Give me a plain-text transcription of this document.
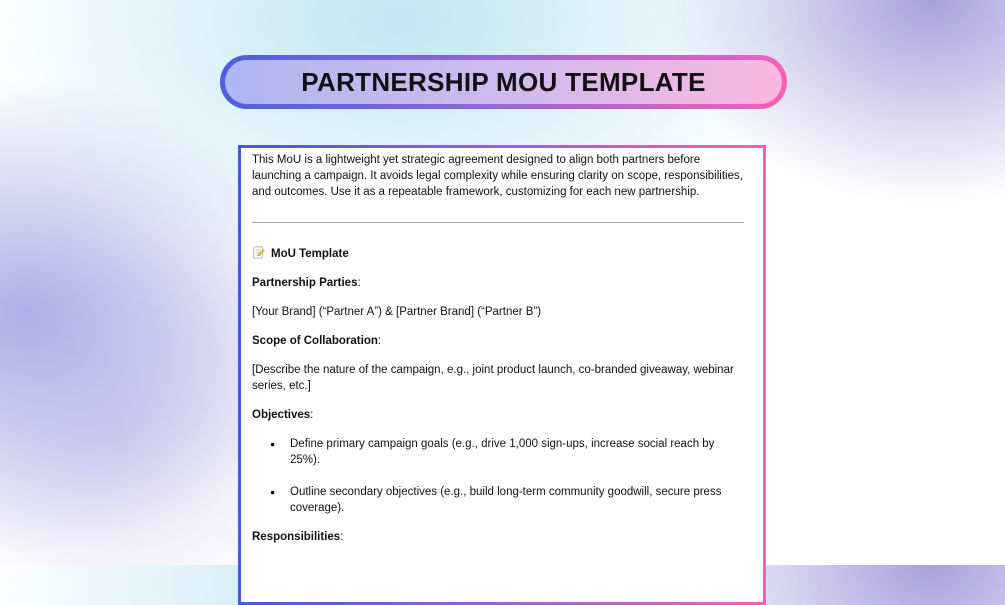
PARTNERSHIP MOU TEMPLATE

This MoU is a lightweight yet strategic agreement designed to align both partners before launching a campaign. It avoids legal complexity while ensuring clarity on scope, responsibilities, and outcomes. Use it as a repeatable framework, customizing for each new partnership.

MoU Template

Partnership Parties:

[Your Brand] (“Partner A”) & [Partner Brand] (“Partner B”)

Scope of Collaboration:

[Describe the nature of the campaign, e.g., joint product launch, co-branded giveaway, webinar series, etc.]

Objectives:

● Define primary campaign goals (e.g., drive 1,000 sign-ups, increase social reach by 25%).
● Outline secondary objectives (e.g., build long-term community goodwill, secure press coverage).

Responsibilities:
